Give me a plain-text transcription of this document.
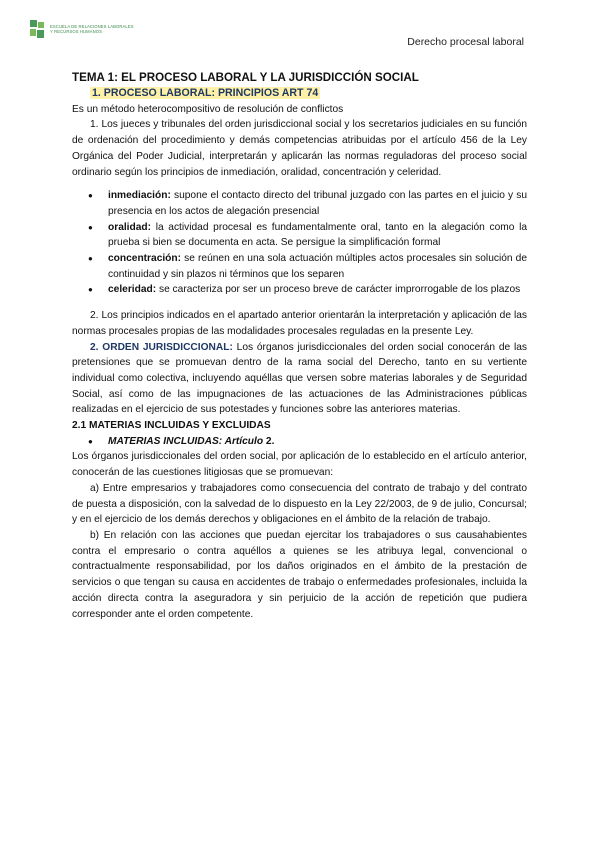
ESCUELA DE RELACIONES LABORALES
Y RECURSOS HUMANOS
Derecho procesal laboral

TEMA 1: EL PROCESO LABORAL Y LA JURISDICCIÓN SOCIAL

1. PROCESO LABORAL: PRINCIPIOS ART 74

Es un método heterocompositivo de resolución de conflictos

1. Los jueces y tribunales del orden jurisdiccional social y los secretarios judiciales en su función de ordenación del procedimiento y demás competencias atribuidas por el artículo 456 de la Ley Orgánica del Poder Judicial, interpretarán y aplicarán las normas reguladoras del proceso social ordinario según los principios de inmediación, oralidad, concentración y celeridad.

● inmediación: supone el contacto directo del tribunal juzgado con las partes en el juicio y su presencia en los actos de alegación presencial
● oralidad: la actividad procesal es fundamentalmente oral, tanto en la alegación como la prueba si bien se documenta en acta. Se persigue la simplificación formal
● concentración: se reúnen en una sola actuación múltiples actos procesales sin solución de continuidad y sin plazos ni términos que los separen
● celeridad: se caracteriza por ser un proceso breve de carácter improrrogable de los plazos

2. Los principios indicados en el apartado anterior orientarán la interpretación y aplicación de las normas procesales propias de las modalidades procesales reguladas en la presente Ley.

2. ORDEN JURISDICCIONAL: Los órganos jurisdiccionales del orden social conocerán de las pretensiones que se promuevan dentro de la rama social del Derecho, tanto en su vertiente individual como colectiva, incluyendo aquéllas que versen sobre materias laborales y de Seguridad Social, así como de las impugnaciones de las actuaciones de las Administraciones públicas realizadas en el ejercicio de sus potestades y funciones sobre las anteriores materias.

2.1 MATERIAS INCLUIDAS Y EXCLUIDAS

● MATERIAS INCLUIDAS: Artículo 2.

Los órganos jurisdiccionales del orden social, por aplicación de lo establecido en el artículo anterior, conocerán de las cuestiones litigiosas que se promuevan:

a) Entre empresarios y trabajadores como consecuencia del contrato de trabajo y del contrato de puesta a disposición, con la salvedad de lo dispuesto en la Ley 22/2003, de 9 de julio, Concursal; y en el ejercicio de los demás derechos y obligaciones en el ámbito de la relación de trabajo.

b) En relación con las acciones que puedan ejercitar los trabajadores o sus causahabientes contra el empresario o contra aquéllos a quienes se les atribuya legal, convencional o contractualmente responsabilidad, por los daños originados en el ámbito de la prestación de servicios o que tengan su causa en accidentes de trabajo o enfermedades profesionales, incluida la acción directa contra la aseguradora y sin perjuicio de la acción de repetición que pudiera corresponder ante el orden competente.
